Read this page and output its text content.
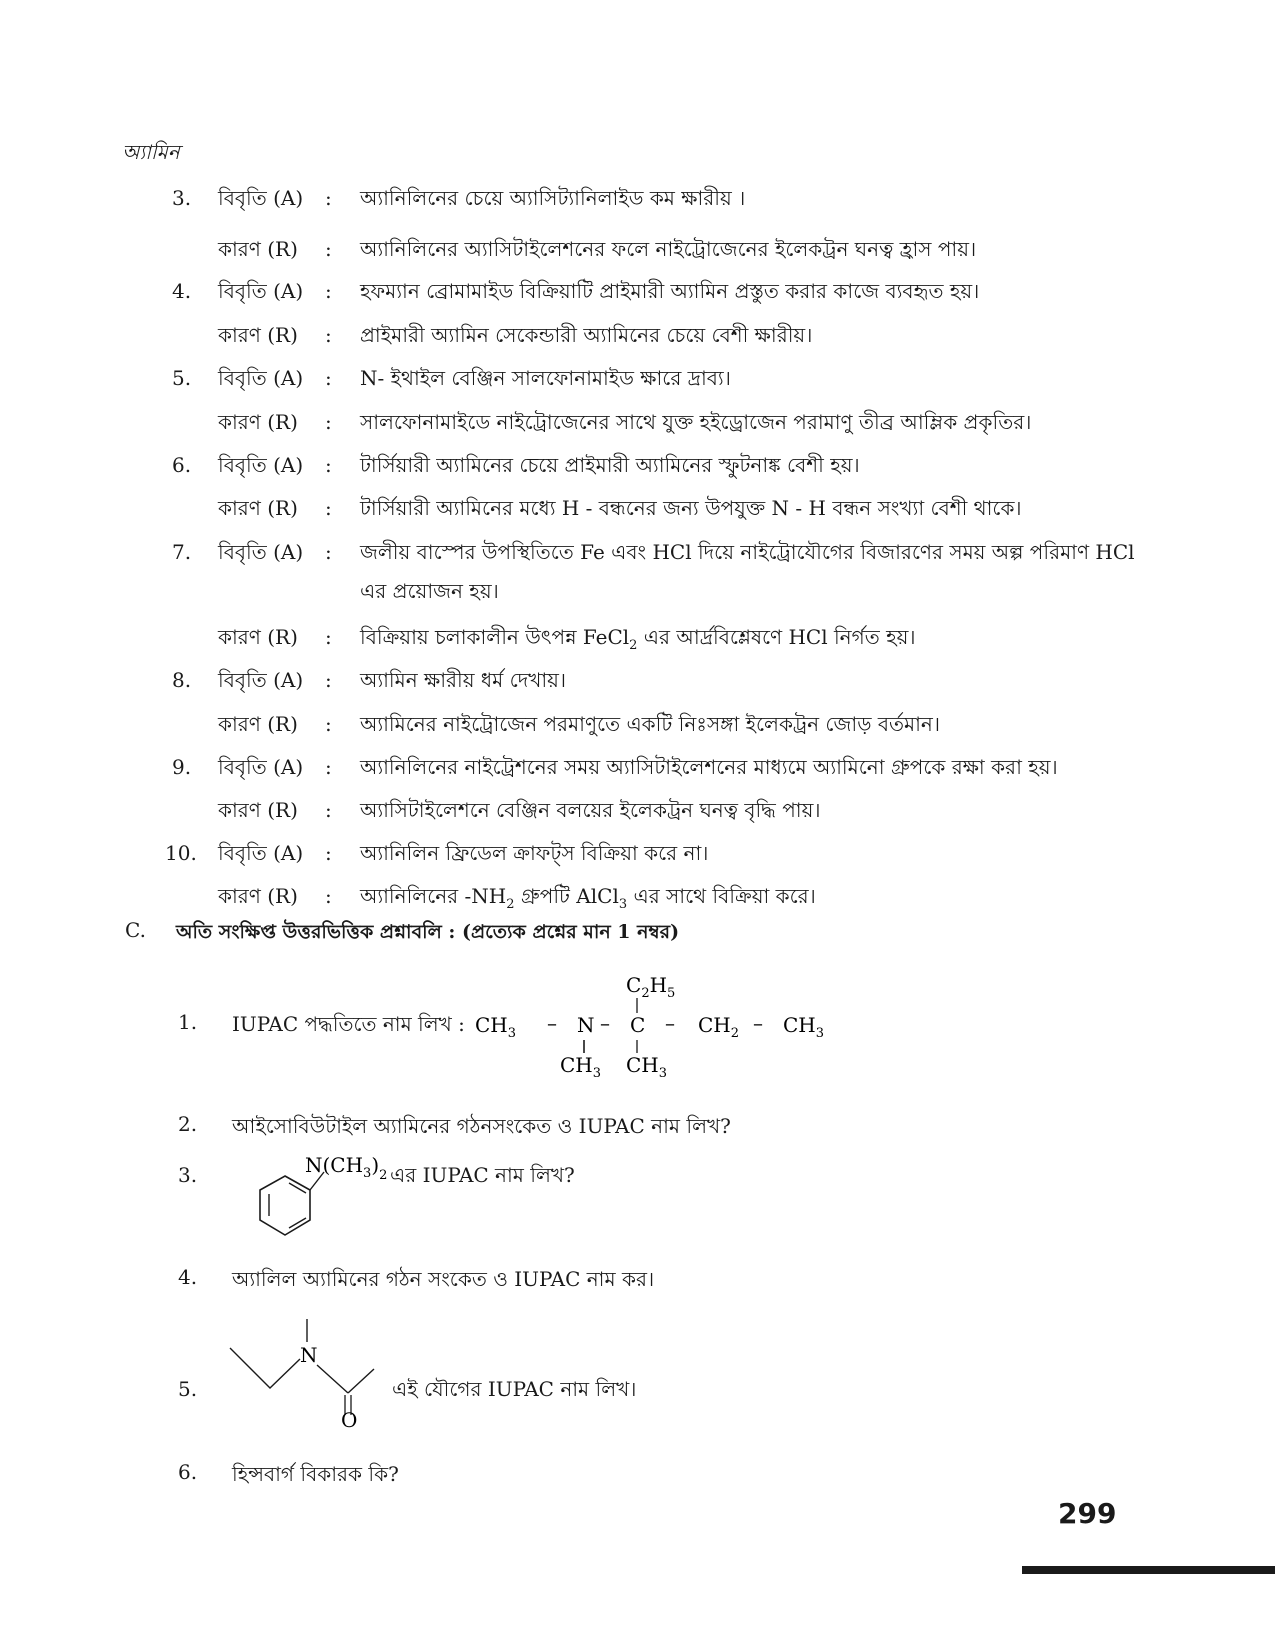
অ্যামিন
3. বিবৃতি (A) : অ্যানিলিনের চেয়ে অ্যাসিট্যানিলাইড কম ক্ষারীয় ।
কারণ (R) : অ্যানিলিনের অ্যাসিটাইলেশনের ফলে নাইট্রোজেনের ইলেকট্রন ঘনত্ব হ্রাস পায়।
4. বিবৃতি (A) : হফম্যান ব্রোমামাইড বিক্রিয়াটি প্রাইমারী অ্যামিন প্রস্তুত করার কাজে ব্যবহৃত হয়।
কারণ (R) : প্রাইমারী অ্যামিন সেকেন্ডারী অ্যামিনের চেয়ে বেশী ক্ষারীয়।
5. বিবৃতি (A) : N- ইথাইল বেঞ্জিন সালফোনামাইড ক্ষারে দ্রাব্য।
কারণ (R) : সালফোনামাইডে নাইট্রোজেনের সাথে যুক্ত হইড্রোজেন পরামাণু তীব্র আম্লিক প্রকৃতির।
6. বিবৃতি (A) : টার্সিয়ারী অ্যামিনের চেয়ে প্রাইমারী অ্যামিনের স্ফুটনাঙ্ক বেশী হয়।
কারণ (R) : টার্সিয়ারী অ্যামিনের মধ্যে H - বন্ধনের জন্য উপযুক্ত N - H বন্ধন সংখ্যা বেশী থাকে।
7. বিবৃতি (A) : জলীয় বাস্পের উপস্থিতিতে Fe এবং HCl দিয়ে নাইট্রোযৌগের বিজারণের সময় অল্প পরিমাণ HCl
এর প্রয়োজন হয়।
কারণ (R) : বিক্রিয়ায় চলাকালীন উৎপন্ন FeCl$_2$ এর আর্দ্রবিশ্লেষণে HCl নির্গত হয়।
8. বিবৃতি (A) : অ্যামিন ক্ষারীয় ধর্ম দেখায়।
কারণ (R) : অ্যামিনের নাইট্রোজেন পরমাণুতে একটি নিঃসঙ্গা ইলেকট্রন জোড় বর্তমান।
9. বিবৃতি (A) : অ্যানিলিনের নাইট্রেশনের সময় অ্যাসিটাইলেশনের মাধ্যমে অ্যামিনো গ্রুপকে রক্ষা করা হয়।
কারণ (R) : অ্যাসিটাইলেশনে বেঞ্জিন বলয়ের ইলেকট্রন ঘনত্ব বৃদ্ধি পায়।
10. বিবৃতি (A) : অ্যানিলিন ফ্রিডেল ক্রাফট্স বিক্রিয়া করে না।
কারণ (R) : অ্যানিলিনের $-NH_2$ গ্রুপটি AlCl$_3$ এর সাথে বিক্রিয়া করে।
C. অতি সংক্ষিপ্ত উত্তরভিত্তিক প্রশ্নাবলি : (প্রত্যেক প্রশ্নের মান 1 নম্বর)
1. IUPAC পদ্ধতিতে নাম লিখ :
$C_2H_5$
$CH_3$ – N – C – $CH_2 - CH_3$
$CH_3$ $CH_3$
2. আইসোবিউটাইল অ্যামিনের গঠনসংকেত ও IUPAC নাম লিখ?
3.	$N(CH_3)_2$ এর IUPAC নাম লিখ?
4. অ্যালিল অ্যামিনের গঠন সংকেত ও IUPAC নাম কর।
5.
N
O
এই যৌগের IUPAC নাম লিখ।
6. হিন্সবার্গ বিকারক কি?
299
